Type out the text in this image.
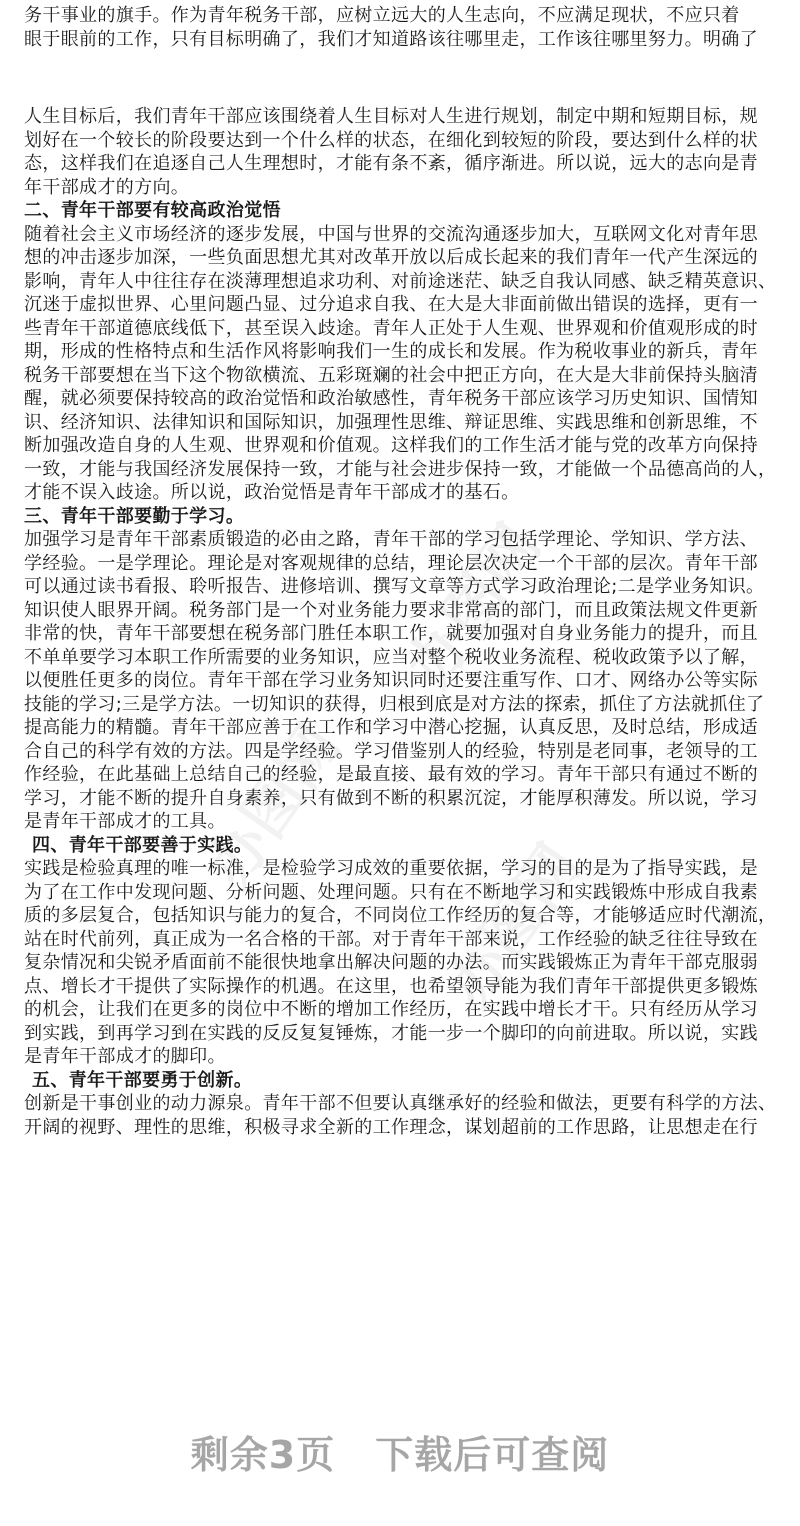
办图网
办图网
办图网
务干事业的旗手。作为青年税务干部，应树立远大的人生志向，不应满足现状，不应只着
眼于眼前的工作，只有目标明确了，我们才知道路该往哪里走，工作该往哪里努力。明确了
人生目标后，我们青年干部应该围绕着人生目标对人生进行规划，制定中期和短期目标，规
划好在一个较长的阶段要达到一个什么样的状态，在细化到较短的阶段，要达到什么样的状
态，这样我们在追逐自己人生理想时，才能有条不紊，循序渐进。所以说，远大的志向是青
年干部成才的方向。
二、青年干部要有较高政治觉悟
随着社会主义市场经济的逐步发展，中国与世界的交流沟通逐步加大，互联网文化对青年思
想的冲击逐步加深，一些负面思想尤其对改革开放以后成长起来的我们青年一代产生深远的
影响，青年人中往往存在淡薄理想追求功利、对前途迷茫、缺乏自我认同感、缺乏精英意识、
沉迷于虚拟世界、心里问题凸显、过分追求自我、在大是大非面前做出错误的选择，更有一
些青年干部道德底线低下，甚至误入歧途。青年人正处于人生观、世界观和价值观形成的时
期，形成的性格特点和生活作风将影响我们一生的成长和发展。作为税收事业的新兵，青年
税务干部要想在当下这个物欲横流、五彩斑斓的社会中把正方向，在大是大非前保持头脑清
醒，就必须要保持较高的政治觉悟和政治敏感性，青年税务干部应该学习历史知识、国情知
识、经济知识、法律知识和国际知识，加强理性思维、辩证思维、实践思维和创新思维，不
断加强改造自身的人生观、世界观和价值观。这样我们的工作生活才能与党的改革方向保持
一致，才能与我国经济发展保持一致，才能与社会进步保持一致，才能做一个品德高尚的人，
才能不误入歧途。所以说，政治觉悟是青年干部成才的基石。
三、青年干部要勤于学习。
加强学习是青年干部素质锻造的必由之路，青年干部的学习包括学理论、学知识、学方法、
学经验。一是学理论。理论是对客观规律的总结，理论层次决定一个干部的层次。青年干部
可以通过读书看报、聆听报告、进修培训、撰写文章等方式学习政治理论;二是学业务知识。
知识使人眼界开阔。税务部门是一个对业务能力要求非常高的部门，而且政策法规文件更新
非常的快，青年干部要想在税务部门胜任本职工作，就要加强对自身业务能力的提升，而且
不单单要学习本职工作所需要的业务知识，应当对整个税收业务流程、税收政策予以了解，
以便胜任更多的岗位。青年干部在学习业务知识同时还要注重写作、口才、网络办公等实际
技能的学习;三是学方法。一切知识的获得，归根到底是对方法的探索，抓住了方法就抓住了
提高能力的精髓。青年干部应善于在工作和学习中潜心挖掘，认真反思，及时总结，形成适
合自己的科学有效的方法。四是学经验。学习借鉴别人的经验，特别是老同事，老领导的工
作经验，在此基础上总结自己的经验，是最直接、最有效的学习。青年干部只有通过不断的
学习，才能不断的提升自身素养，只有做到不断的积累沉淀，才能厚积薄发。所以说，学习
是青年干部成才的工具。
四、青年干部要善于实践。
实践是检验真理的唯一标准，是检验学习成效的重要依据，学习的目的是为了指导实践，是
为了在工作中发现问题、分析问题、处理问题。只有在不断地学习和实践锻炼中形成自我素
质的多层复合，包括知识与能力的复合，不同岗位工作经历的复合等，才能够适应时代潮流，
站在时代前列，真正成为一名合格的干部。对于青年干部来说，工作经验的缺乏往往导致在
复杂情况和尖锐矛盾面前不能很快地拿出解决问题的办法。而实践锻炼正为青年干部克服弱
点、增长才干提供了实际操作的机遇。在这里，也希望领导能为我们青年干部提供更多锻炼
的机会，让我们在更多的岗位中不断的增加工作经历，在实践中增长才干。只有经历从学习
到实践，到再学习到在实践的反反复复锤炼，才能一步一个脚印的向前进取。所以说，实践
是青年干部成才的脚印。
五、青年干部要勇于创新。
创新是干事创业的动力源泉。青年干部不但要认真继承好的经验和做法，更要有科学的方法、
开阔的视野、理性的思维，积极寻求全新的工作理念，谋划超前的工作思路，让思想走在行
剩余3页 下载后可查阅
